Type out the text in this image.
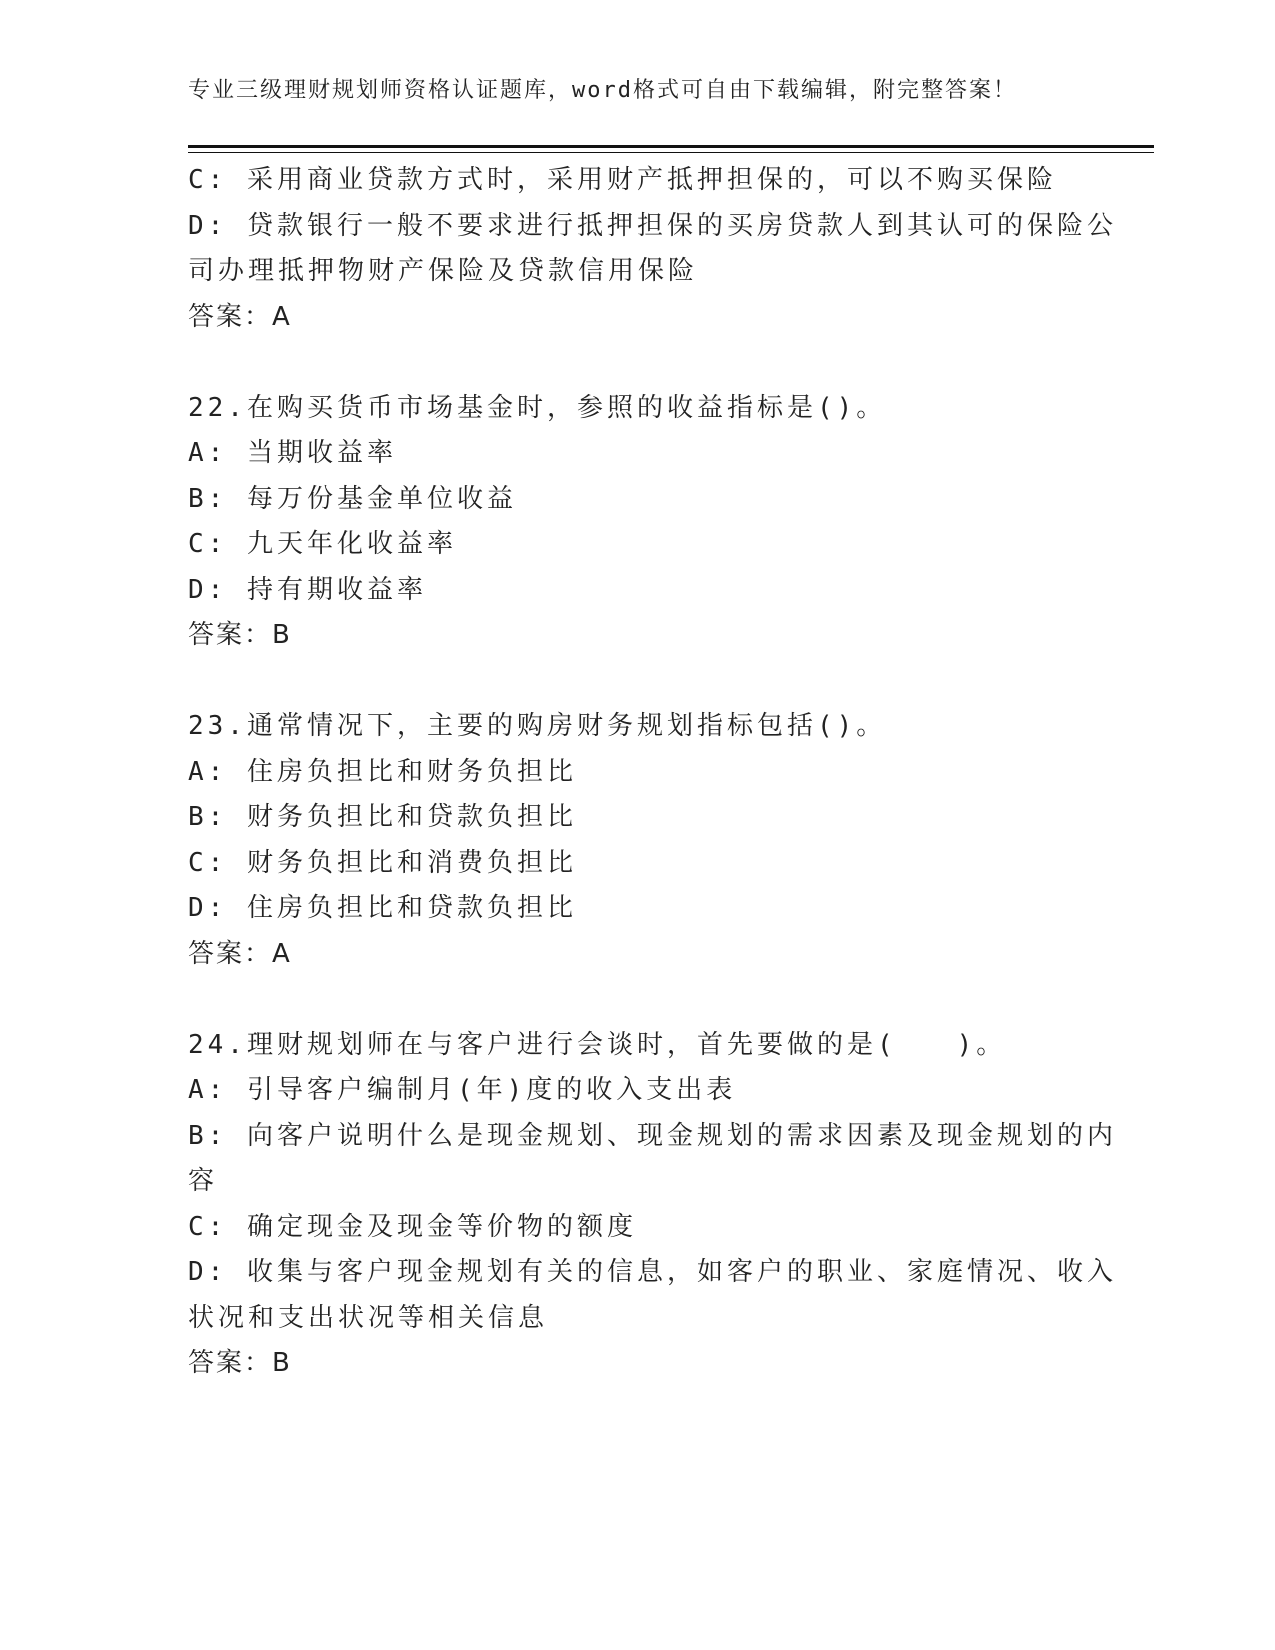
专业三级理财规划师资格认证题库，word格式可自由下载编辑，附完整答案！
C: 采用商业贷款方式时，采用财产抵押担保的，可以不购买保险
D: 贷款银行一般不要求进行抵押担保的买房贷款人到其认可的保险公
司办理抵押物财产保险及贷款信用保险
答案：A
22.在购买货币市场基金时，参照的收益指标是()。
A: 当期收益率
B: 每万份基金单位收益
C: 九天年化收益率
D: 持有期收益率
答案：B
23.通常情况下，主要的购房财务规划指标包括()。
A: 住房负担比和财务负担比
B: 财务负担比和贷款负担比
C: 财务负担比和消费负担比
D: 住房负担比和贷款负担比
答案：A
24.理财规划师在与客户进行会谈时，首先要做的是(　　)。
A: 引导客户编制月(年)度的收入支出表
B: 向客户说明什么是现金规划、现金规划的需求因素及现金规划的内
容
C: 确定现金及现金等价物的额度
D: 收集与客户现金规划有关的信息，如客户的职业、家庭情况、收入
状况和支出状况等相关信息
答案：B
